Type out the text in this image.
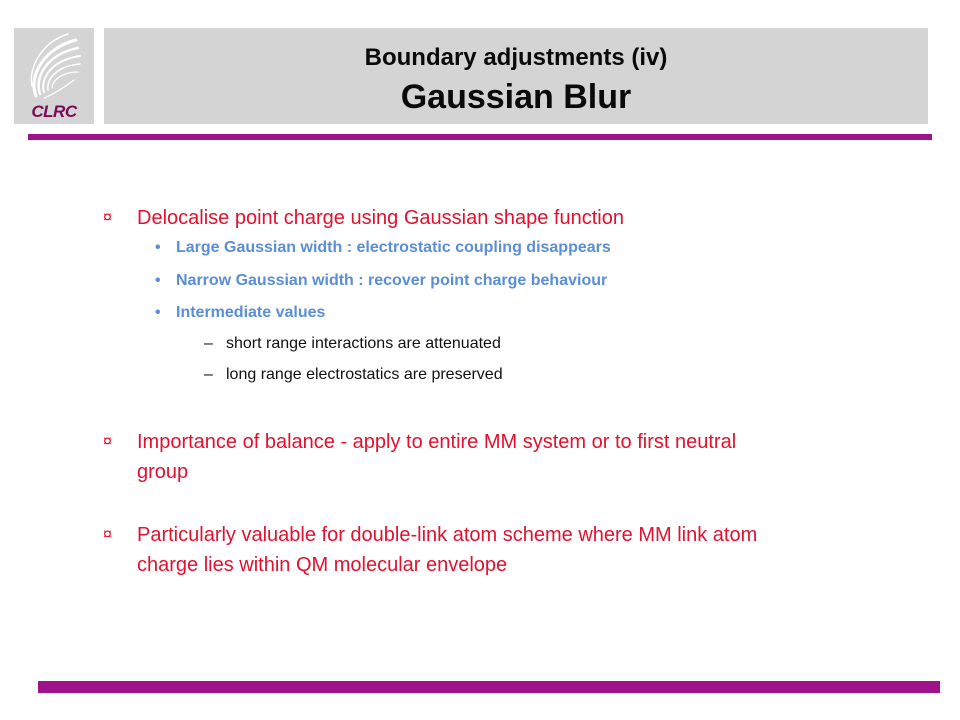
CLRC
Boundary adjustments (iv)
Gaussian Blur
¤ Delocalise point charge using Gaussian shape function
• Large Gaussian width : electrostatic coupling disappears
• Narrow Gaussian width : recover point charge behaviour
• Intermediate values
– short range interactions are attenuated
– long range electrostatics are preserved
¤ Importance of balance - apply to entire MM system or to first neutral
group
¤ Particularly valuable for double-link atom scheme where MM link atom
charge lies within QM molecular envelope
